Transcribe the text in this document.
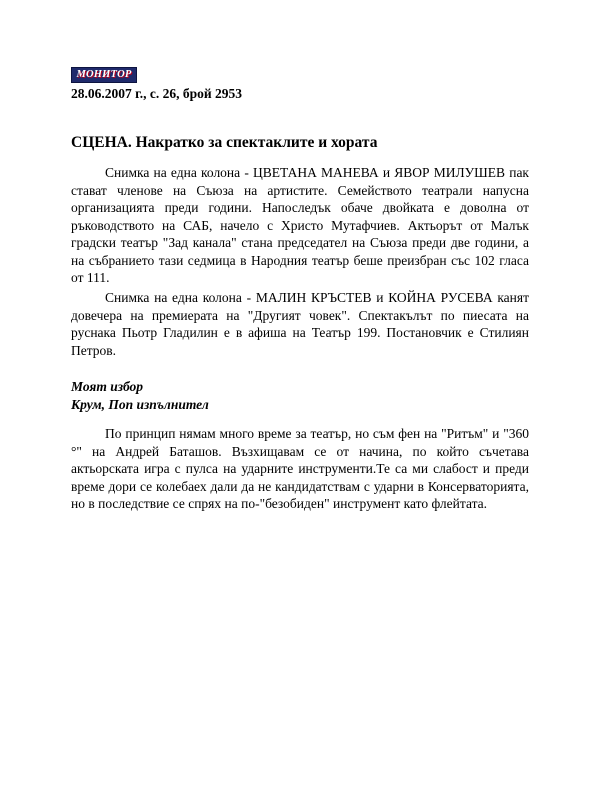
МОНИТОР
28.06.2007 г., с. 26, брой 2953
СЦЕНА. Накратко за спектаклите и хората

Снимка на една колона - ЦВЕТАНА МАНЕВА и ЯВОР МИЛУШЕВ пак стават членове на Съюза на артистите. Семейството театрали напусна организацията преди години. Напоследък обаче двойката е доволна от ръководството на САБ, начело с Христо Мутафчиев. Актьорът от Малък градски театър "Зад канала" стана председател на Съюза преди две години, а на събранието тази седмица в Народния театър беше преизбран със 102 гласа от 111.

Снимка на една колона - МАЛИН КРЪСТЕВ и КОЙНА РУСЕВА канят довечера на премиерата на "Другият човек". Спектакълът по пиесата на руснака Пьотр Гладилин е в афиша на Театър 199. Постановчик е Стилиян Петров.

Моят избор
Крум, Поп изпълнител

По принцип нямам много време за театър, но съм фен на "Ритъм" и "360 °" на Андрей Баташов. Възхищавам се от начина, по който съчетава актьорската игра с пулса на ударните инструменти.Те са ми слабост и преди време дори се колебаех дали да не кандидатствам с ударни в Консерваторията, но в последствие се спрях на по-"безобиден" инструмент като флейтата.
